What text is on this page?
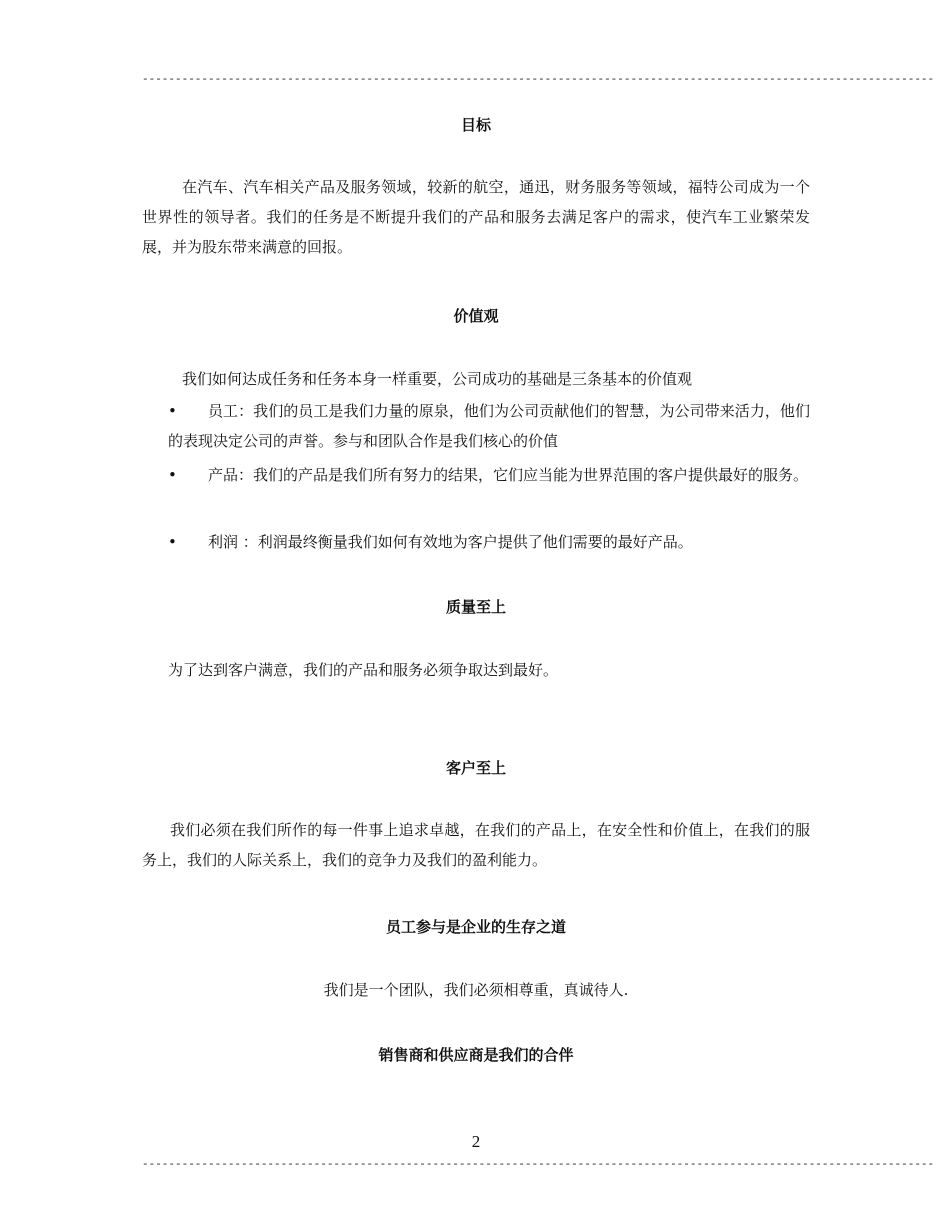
------------------------------------------------------------------------------------------------------------------------
目标
在汽车、汽车相关产品及服务领域，较新的航空，通迅，财务服务等领域，福特公司成为一个世界性的领导者。我们的任务是不断提升我们的产品和服务去满足客户的需求，使汽车工业繁荣发展，并为股东带来满意的回报。
价值观
我们如何达成任务和任务本身一样重要，公司成功的基础是三条基本的价值观
•	员工：我们的员工是我们力量的原泉，他们为公司贡献他们的智慧，为公司带来活力，他们的表现决定公司的声誉。参与和团队合作是我们核心的价值
•	产品：我们的产品是我们所有努力的结果，它们应当能为世界范围的客户提供最好的服务。
•	利润 ：利润最终衡量我们如何有效地为客户提供了他们需要的最好产品。
质量至上
为了达到客户满意，我们的产品和服务必须争取达到最好。
客户至上
我们必须在我们所作的每一件事上追求卓越，在我们的产品上，在安全性和价值上，在我们的服务上，我们的人际关系上，我们的竞争力及我们的盈利能力。
员工参与是企业的生存之道
我们是一个团队，我们必须相尊重，真诚待人.
销售商和供应商是我们的合伴
2
------------------------------------------------------------------------------------------------------------------------
